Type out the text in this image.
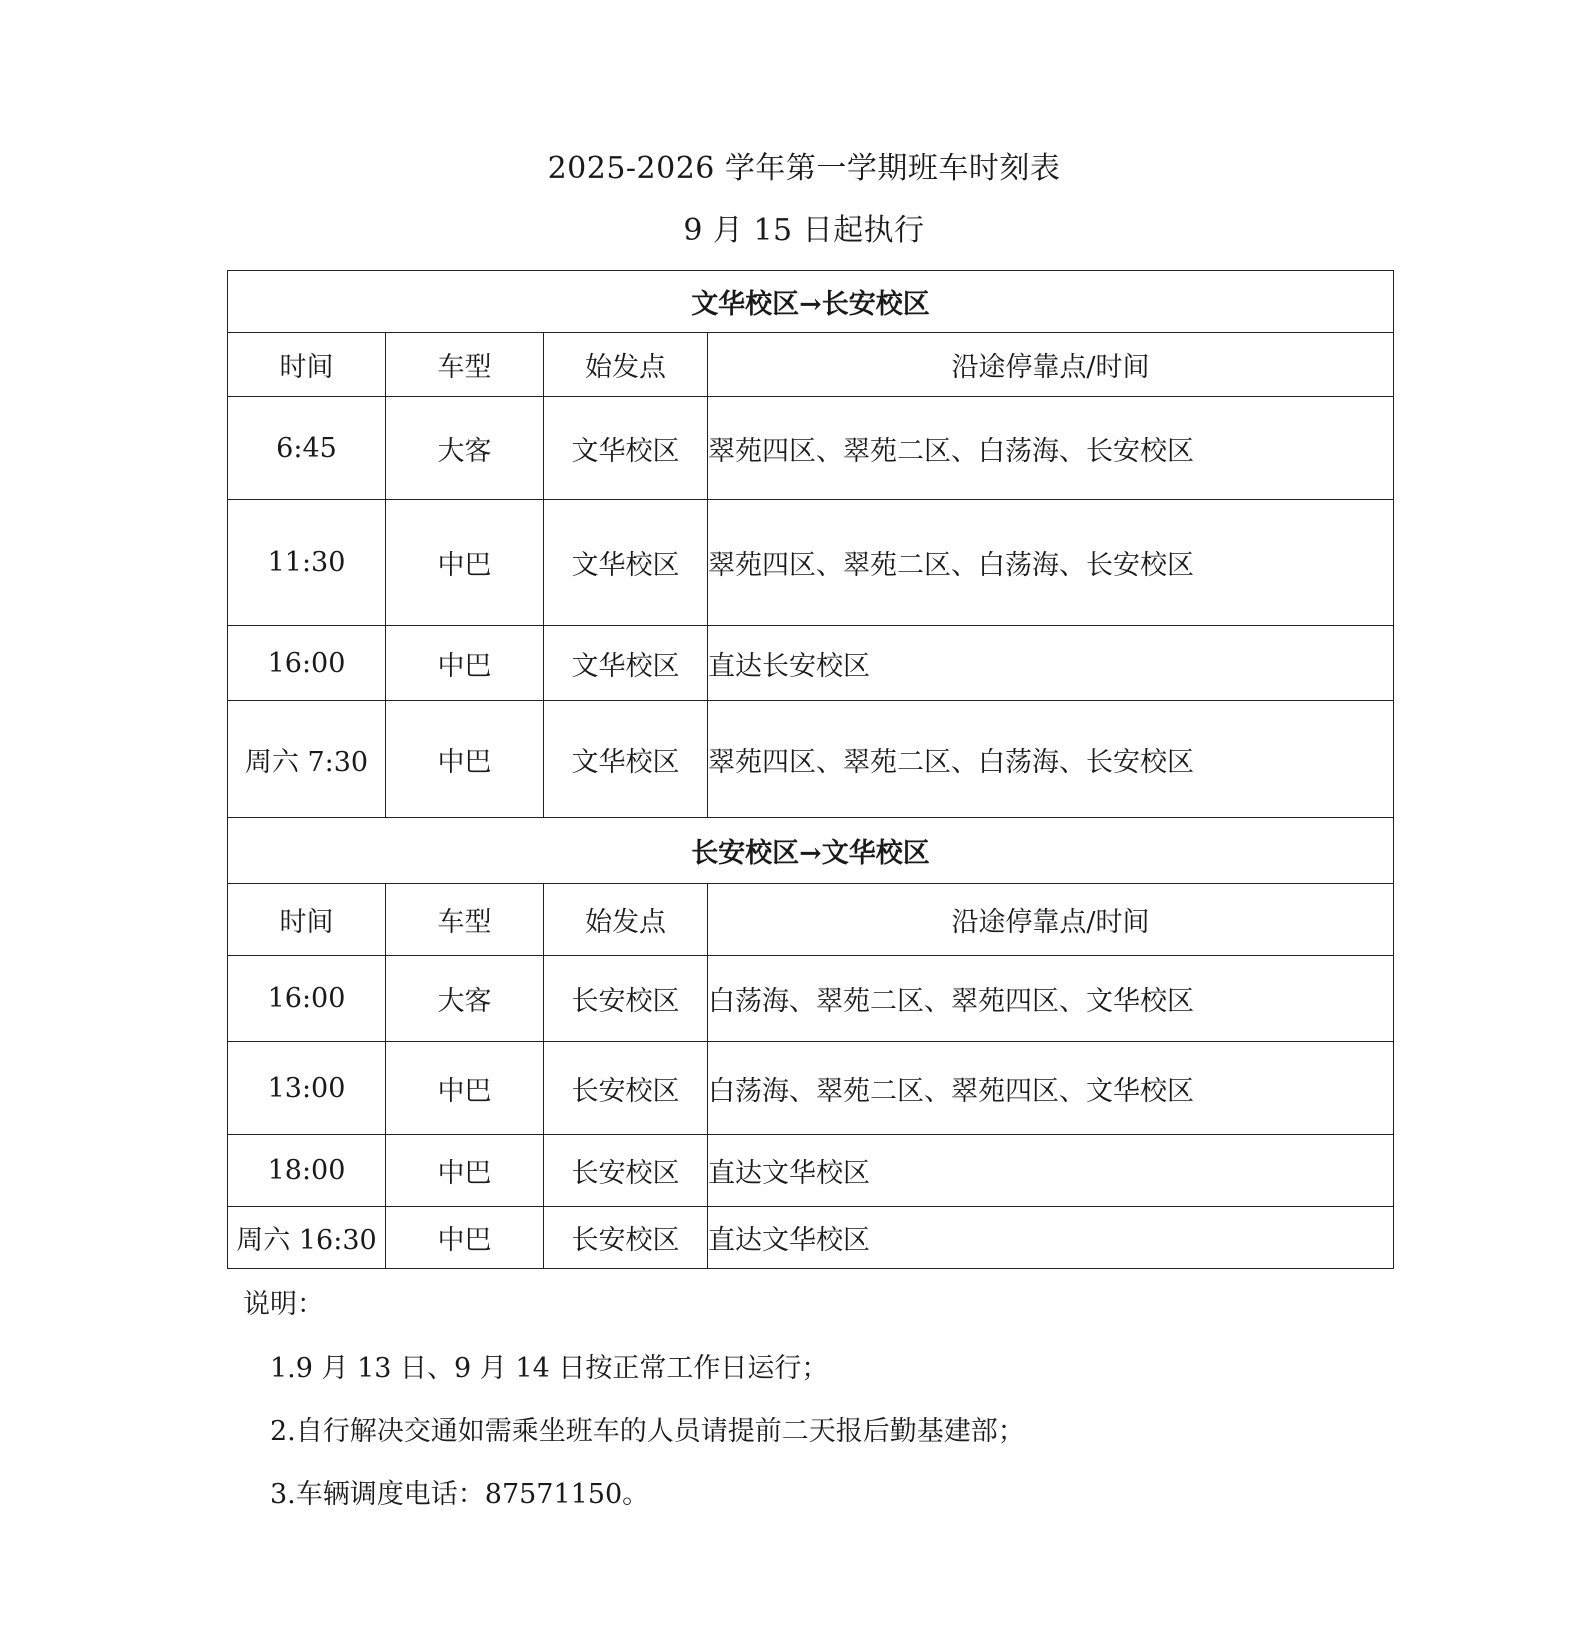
2025-2026 学年第一学期班车时刻表
9 月 15 日起执行
文华校区→长安校区			
时间	车型	始发点	沿途停靠点/时间
6:45	大客	文华校区	翠苑四区、翠苑二区、白荡海、长安校区
11:30	中巴	文华校区	翠苑四区、翠苑二区、白荡海、长安校区
16:00	中巴	文华校区	直达长安校区
周六 7:30	中巴	文华校区	翠苑四区、翠苑二区、白荡海、长安校区
长安校区→文华校区			
时间	车型	始发点	沿途停靠点/时间
16:00	大客	长安校区	白荡海、翠苑二区、翠苑四区、文华校区
13:00	中巴	长安校区	白荡海、翠苑二区、翠苑四区、文华校区
18:00	中巴	长安校区	直达文华校区
周六 16:30	中巴	长安校区	直达文华校区
说明：
1.9 月 13 日、9 月 14 日按正常工作日运行；
2.自行解决交通如需乘坐班车的人员请提前二天报后勤基建部；
3.车辆调度电话：87571150。
